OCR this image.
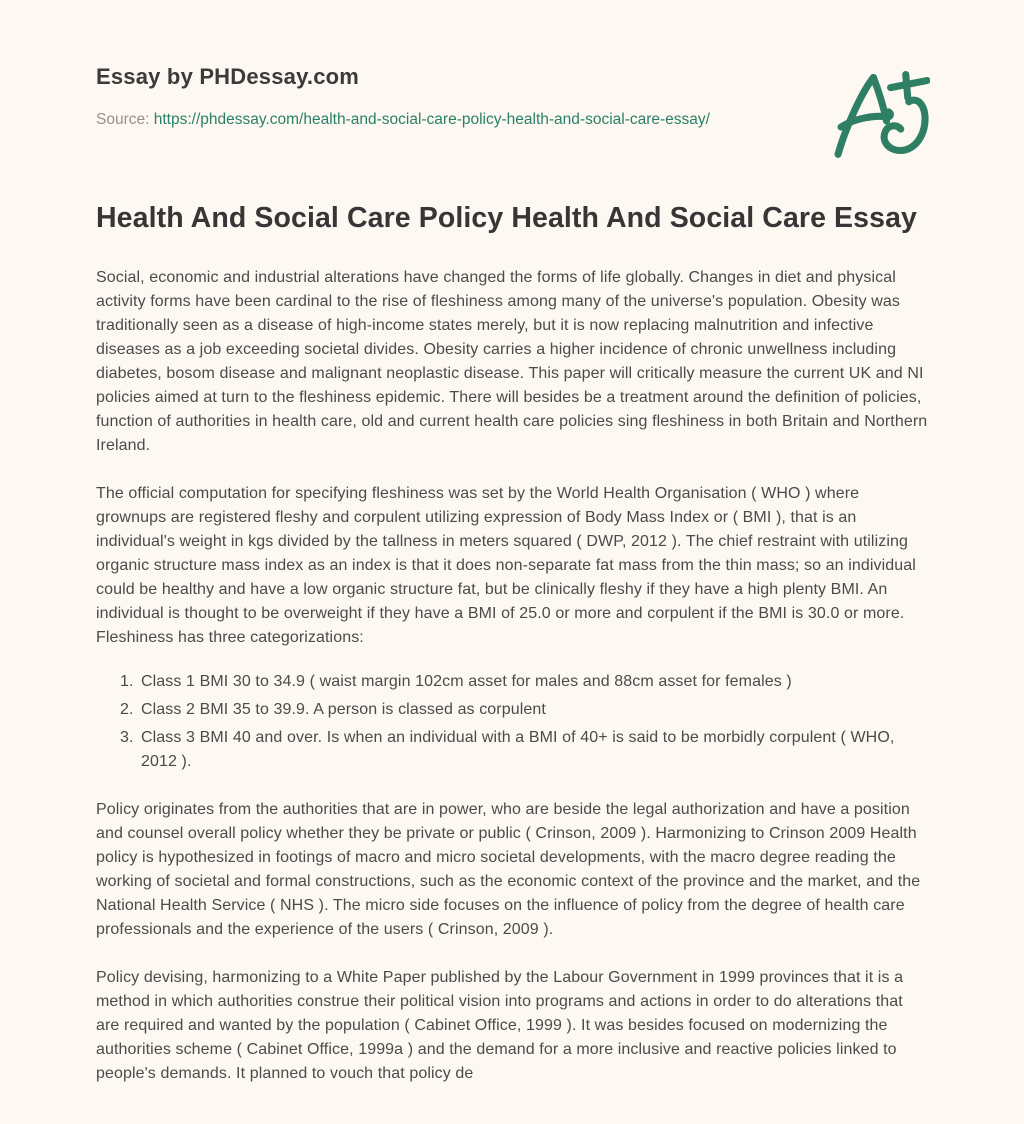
Essay by PHDessay.com
Source: https://phdessay.com/health-and-social-care-policy-health-and-social-care-essay/
Health And Social Care Policy Health And Social Care Essay

Social, economic and industrial alterations have changed the forms of life globally. Changes in diet and physical activity forms have been cardinal to the rise of fleshiness among many of the universe's population. Obesity was traditionally seen as a disease of high-income states merely, but it is now replacing malnutrition and infective diseases as a job exceeding societal divides. Obesity carries a higher incidence of chronic unwellness including diabetes, bosom disease and malignant neoplastic disease. This paper will critically measure the current UK and NI policies aimed at turn to the fleshiness epidemic. There will besides be a treatment around the definition of policies, function of authorities in health care, old and current health care policies sing fleshiness in both Britain and Northern Ireland.

The official computation for specifying fleshiness was set by the World Health Organisation ( WHO ) where grownups are registered fleshy and corpulent utilizing expression of Body Mass Index or ( BMI ), that is an individual's weight in kgs divided by the tallness in meters squared ( DWP, 2012 ). The chief restraint with utilizing organic structure mass index as an index is that it does non-separate fat mass from the thin mass; so an individual could be healthy and have a low organic structure fat, but be clinically fleshy if they have a high plenty BMI. An individual is thought to be overweight if they have a BMI of 25.0 or more and corpulent if the BMI is 30.0 or more. Fleshiness has three categorizations:

1. Class 1 BMI 30 to 34.9 ( waist margin 102cm asset for males and 88cm asset for females )
2. Class 2 BMI 35 to 39.9. A person is classed as corpulent
3. Class 3 BMI 40 and over. Is when an individual with a BMI of 40+ is said to be morbidly corpulent ( WHO, 2012 ).

Policy originates from the authorities that are in power, who are beside the legal authorization and have a position and counsel overall policy whether they be private or public ( Crinson, 2009 ). Harmonizing to Crinson 2009 Health policy is hypothesized in footings of macro and micro societal developments, with the macro degree reading the working of societal and formal constructions, such as the economic context of the province and the market, and the National Health Service ( NHS ). The micro side focuses on the influence of policy from the degree of health care professionals and the experience of the users ( Crinson, 2009 ).

Policy devising, harmonizing to a White Paper published by the Labour Government in 1999 provinces that it is a method in which authorities construe their political vision into programs and actions in order to do alterations that are required and wanted by the population ( Cabinet Office, 1999 ). It was besides focused on modernizing the authorities scheme ( Cabinet Office, 1999a ) and the demand for a more inclusive and reactive policies linked to people's demands. It planned to vouch that policy de
